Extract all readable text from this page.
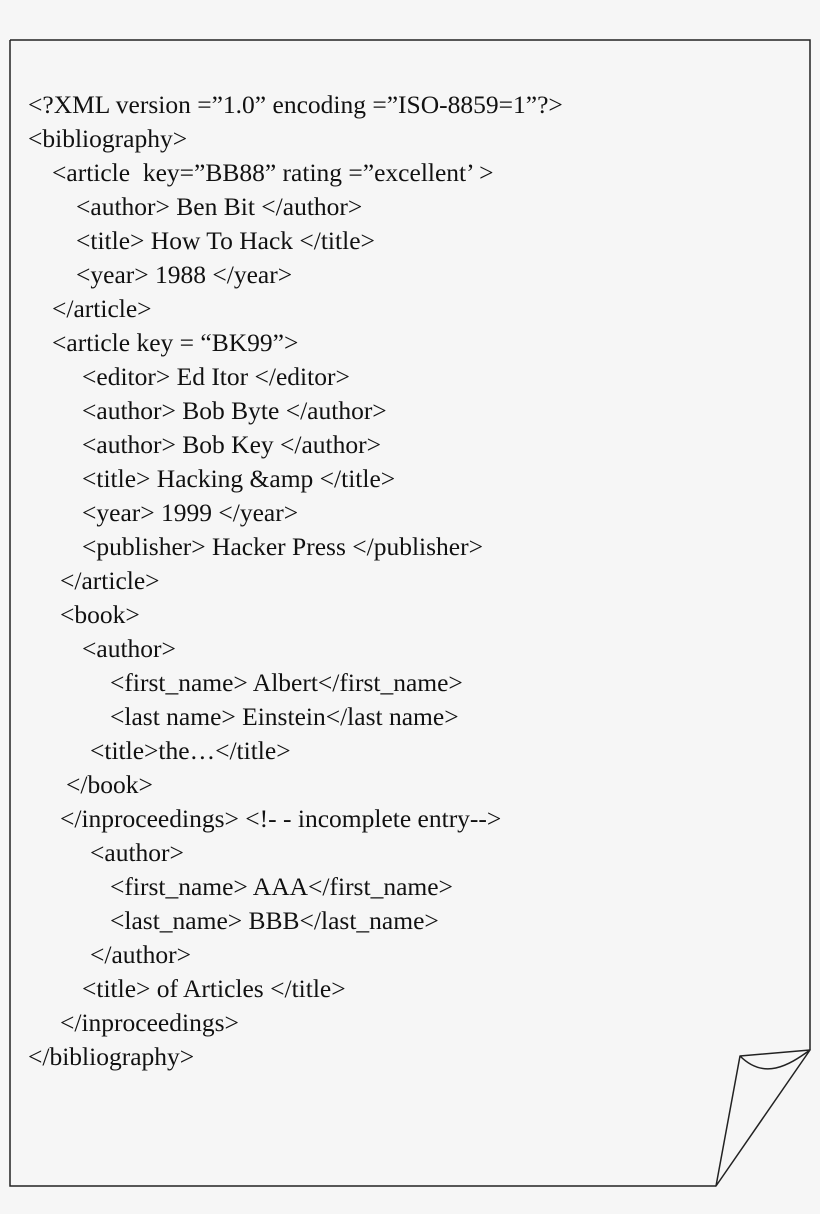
<?XML version =”1.0” encoding =”ISO-8859=1”?>
<bibliography>
<article  key=”BB88” rating =”excellent’ >
<author> Ben Bit </author>
<title> How To Hack </title>
<year> 1988 </year>
</article>
<article key = “BK99”>
<editor> Ed Itor </editor>
<author> Bob Byte </author>
<author> Bob Key </author>
<title> Hacking &amp </title>
<year> 1999 </year>
<publisher> Hacker Press </publisher>
</article>
<book>
<author>
<first_name> Albert</first_name>
<last name> Einstein</last name>
<title>the…</title>
</book>
</inproceedings> <!- - incomplete entry-->
<author>
<first_name> AAA</first_name>
<last_name> BBB</last_name>
</author>
<title> of Articles </title>
</inproceedings>
</bibliography>
